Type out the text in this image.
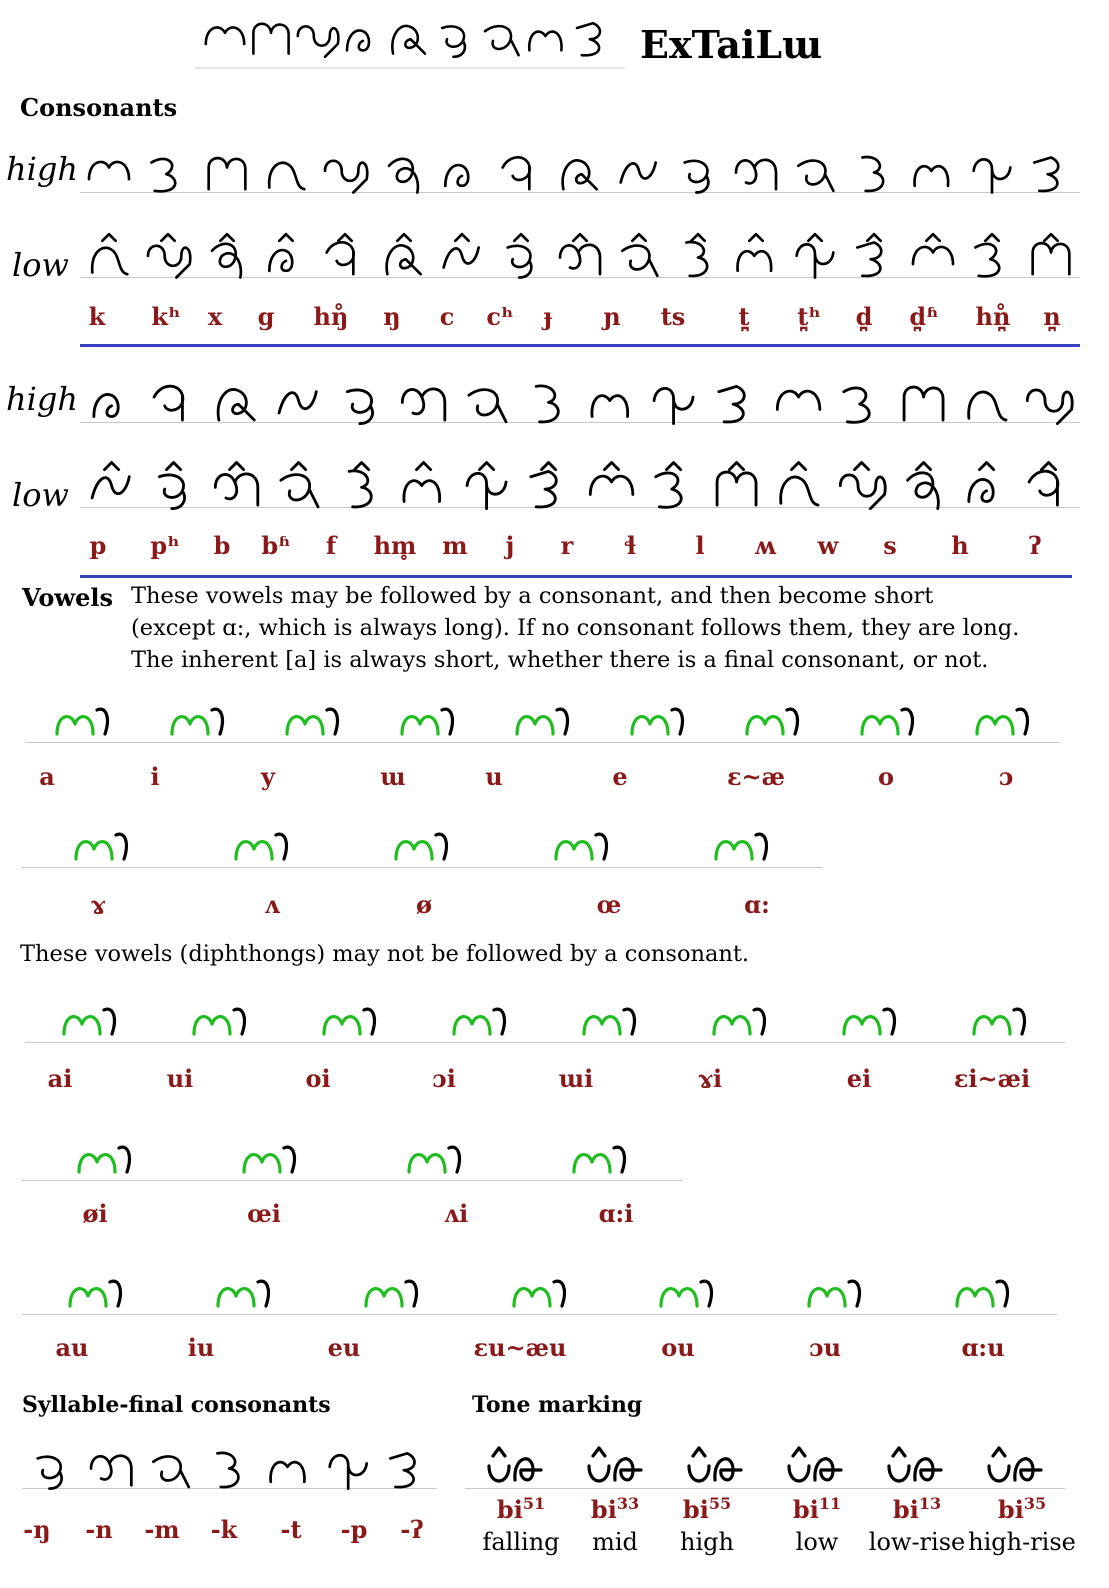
ExTaiLɯ
Consonants
high
low
k kʰ x g hŋ̊ ŋ c cʰ ɟ ɲ ts t̪ t̪ʰ d̪ d̪ʱ hn̪̊ n̪
high
low
p pʰ b bʱ f hm̥ m j r ɬ l ʍ w s h ʔ
Vowels These vowels may be followed by a consonant, and then become short
(except ɑ:, which is always long). If no consonant follows them, they are long.
The inherent [a] is always short, whether there is a final consonant, or not.
a	i	y	ɯ	u	e	ɛ~æ	o	ɔ
ɤ	ʌ	ø	œ	ɑ:
These vowels (diphthongs) may not be followed by a consonant.
ai	ui	oi	ɔi	ɯi	ɤi	ei	ɛi~æi
øi	œi	ʌi	ɑ:i
au	iu	eu	ɛu~æu	ou	ɔu	ɑ:u
Syllable-final consonants
-ŋ -n -m -k -t -p -ʔ
Tone marking
$bi^{51}$
falling
$bi^{33}$
mid
$bi^{55}$
high
$bi^{11}$
low
$bi^{13}$
low-rise
$bi^{35}$
high-rise
